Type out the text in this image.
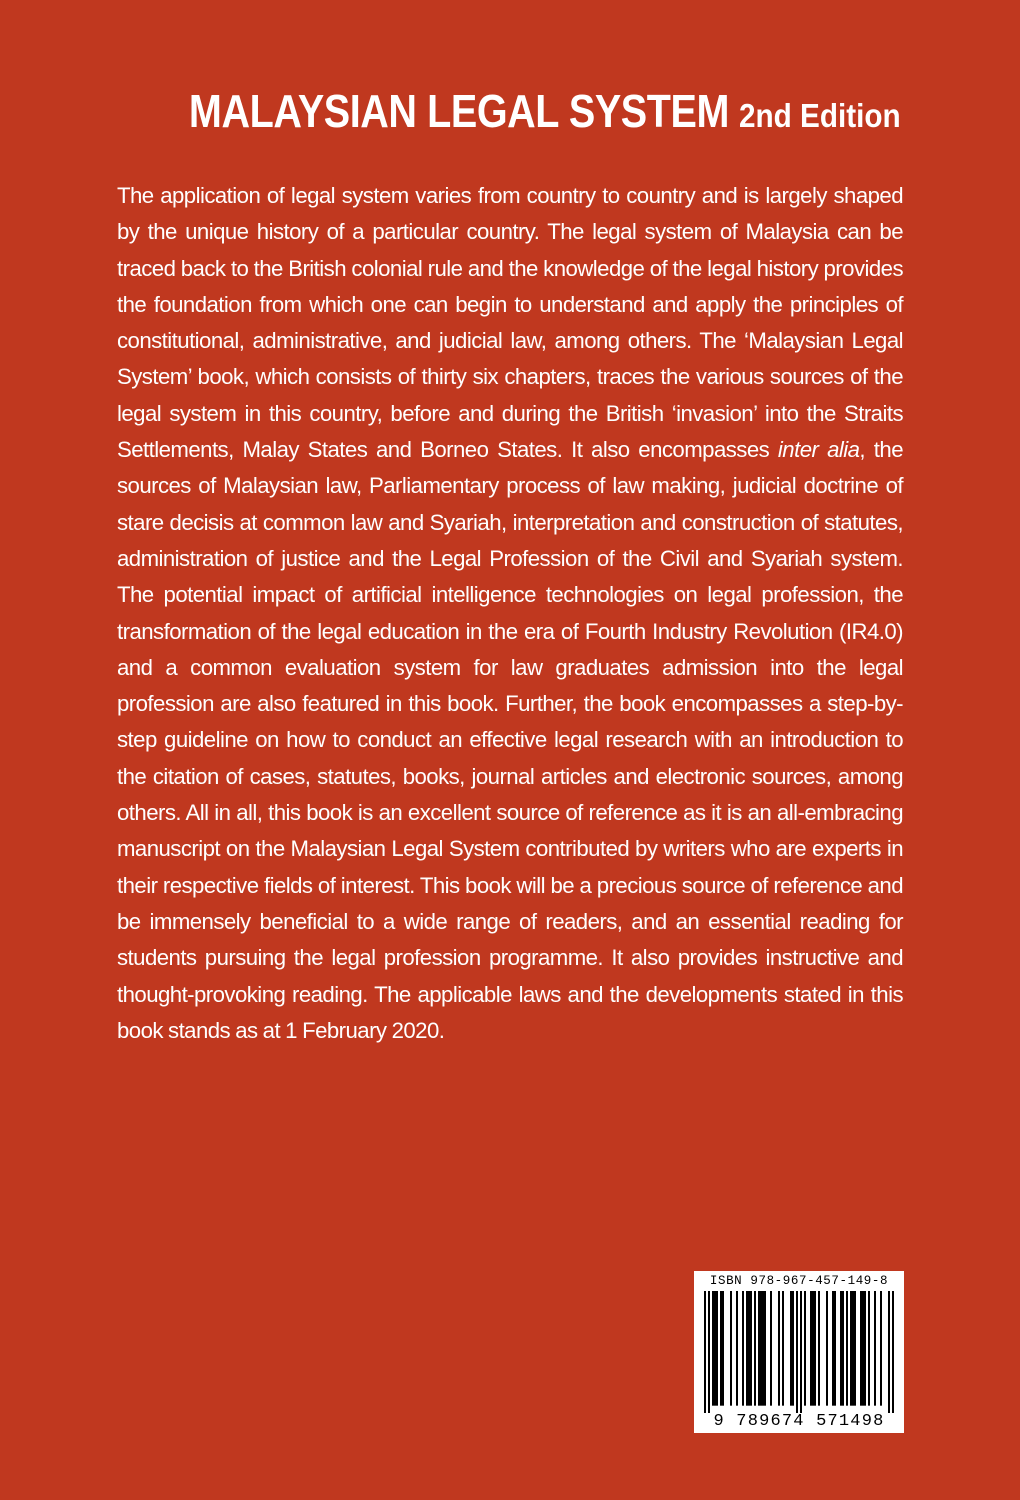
MALAYSIAN LEGAL SYSTEM 2nd Edition

The application of legal system varies from country to country and is largely shaped by the unique history of a particular country. The legal system of Malaysia can be traced back to the British colonial rule and the knowledge of the legal history provides the foundation from which one can begin to understand and apply the principles of constitutional, administrative, and judicial law, among others. The ‘Malaysian Legal System’ book, which consists of thirty six chapters, traces the various sources of the legal system in this country, before and during the British ‘invasion’ into the Straits Settlements, Malay States and Borneo States. It also encompasses inter alia, the sources of Malaysian law, Parliamentary process of law making, judicial doctrine of stare decisis at common law and Syariah, interpretation and construction of statutes, administration of justice and the Legal Profession of the Civil and Syariah system. The potential impact of artificial intelligence technologies on legal profession, the transformation of the legal education in the era of Fourth Industry Revolution (IR4.0) and a common evaluation system for law graduates admission into the legal profession are also featured in this book. Further, the book encompasses a step-by-step guideline on how to conduct an effective legal research with an introduction to the citation of cases, statutes, books, journal articles and electronic sources, among others. All in all, this book is an excellent source of reference as it is an all-embracing manuscript on the Malaysian Legal System contributed by writers who are experts in their respective fields of interest. This book will be a precious source of reference and be immensely beneficial to a wide range of readers, and an essential reading for students pursuing the legal profession programme. It also provides instructive and thought-provoking reading. The applicable laws and the developments stated in this book stands as at 1 February 2020.

ISBN 978-967-457-149-8
9 789674 571498
